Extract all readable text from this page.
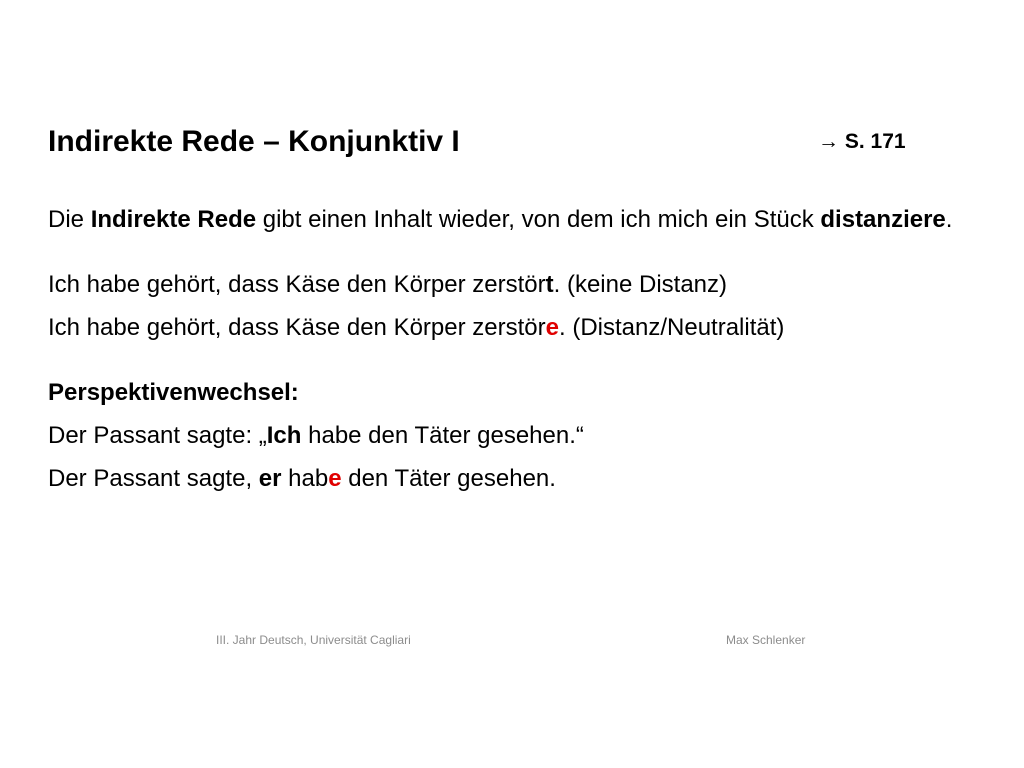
Indirekte Rede – Konjunktiv I	→ S. 171

Die Indirekte Rede gibt einen Inhalt wieder, von dem ich mich ein Stück distanziere.

Ich habe gehört, dass Käse den Körper zerstört. (keine Distanz)

Ich habe gehört, dass Käse den Körper zerstöre. (Distanz/Neutralität)

Perspektivenwechsel:

Der Passant sagte: „Ich habe den Täter gesehen.“

Der Passant sagte, er habe den Täter gesehen.

III. Jahr Deutsch, Universität Cagliari	Max Schlenker
